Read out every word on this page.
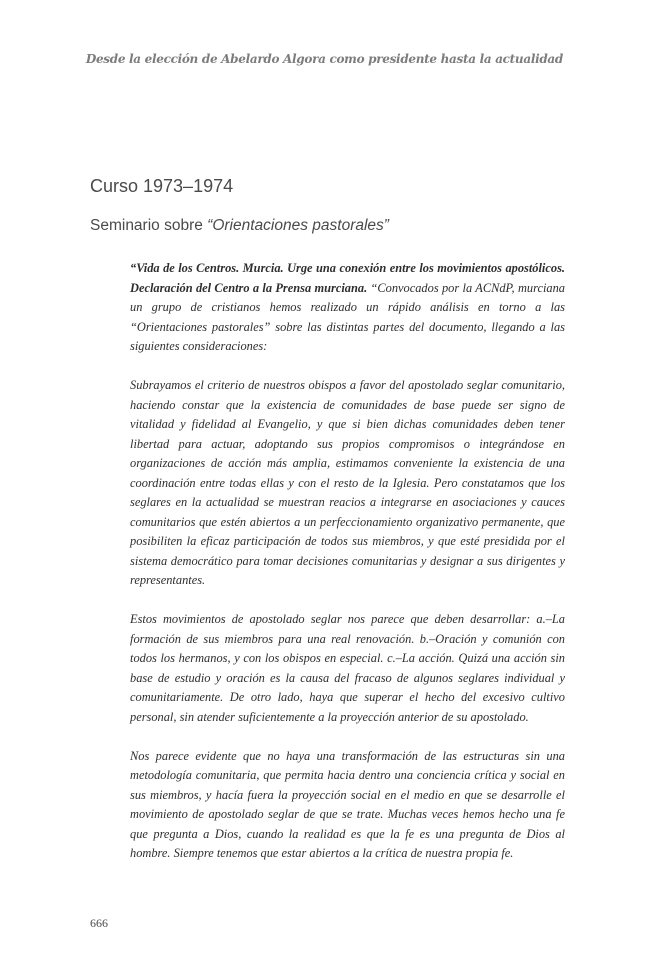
Desde la elección de Abelardo Algora como presidente hasta la actualidad
Curso 1973–1974
Seminario sobre “Orientaciones pastorales”

“Vida de los Centros. Murcia. Urge una conexión entre los movimientos apostólicos. Declaración del Centro a la Prensa murciana. “Convocados por la ACNdP, murciana un grupo de cristianos hemos realizado un rápido análisis en torno a las “Orientaciones pastorales” sobre las distintas partes del documento, llegando a las siguientes consideraciones:

Subrayamos el criterio de nuestros obispos a favor del apostolado seglar comunitario, haciendo constar que la existencia de comunidades de base puede ser signo de vitalidad y fidelidad al Evangelio, y que si bien dichas comunidades deben tener libertad para actuar, adoptando sus propios compromisos o integrándose en organizaciones de acción más amplia, estimamos conveniente la existencia de una coordinación entre todas ellas y con el resto de la Iglesia. Pero constatamos que los seglares en la actualidad se muestran reacios a integrarse en asociaciones y cauces comunitarios que estén abiertos a un perfeccionamiento organizativo permanente, que posibiliten la eficaz participación de todos sus miembros, y que esté presidida por el sistema democrático para tomar decisiones comunitarias y designar a sus dirigentes y representantes.

Estos movimientos de apostolado seglar nos parece que deben desarrollar: a.–La formación de sus miembros para una real renovación. b.–Oración y comunión con todos los hermanos, y con los obispos en especial. c.–La acción. Quizá una acción sin base de estudio y oración es la causa del fracaso de algunos seglares individual y comunitariamente. De otro lado, haya que superar el hecho del excesivo cultivo personal, sin atender suficientemente a la proyección anterior de su apostolado.

Nos parece evidente que no haya una transformación de las estructuras sin una metodología comunitaria, que permita hacia dentro una conciencia crítica y social en sus miembros, y hacía fuera la proyección social en el medio en que se desarrolle el movimiento de apostolado seglar de que se trate. Muchas veces hemos hecho una fe que pregunta a Dios, cuando la realidad es que la fe es una pregunta de Dios al hombre. Siempre tenemos que estar abiertos a la crítica de nuestra propia fe.

666
